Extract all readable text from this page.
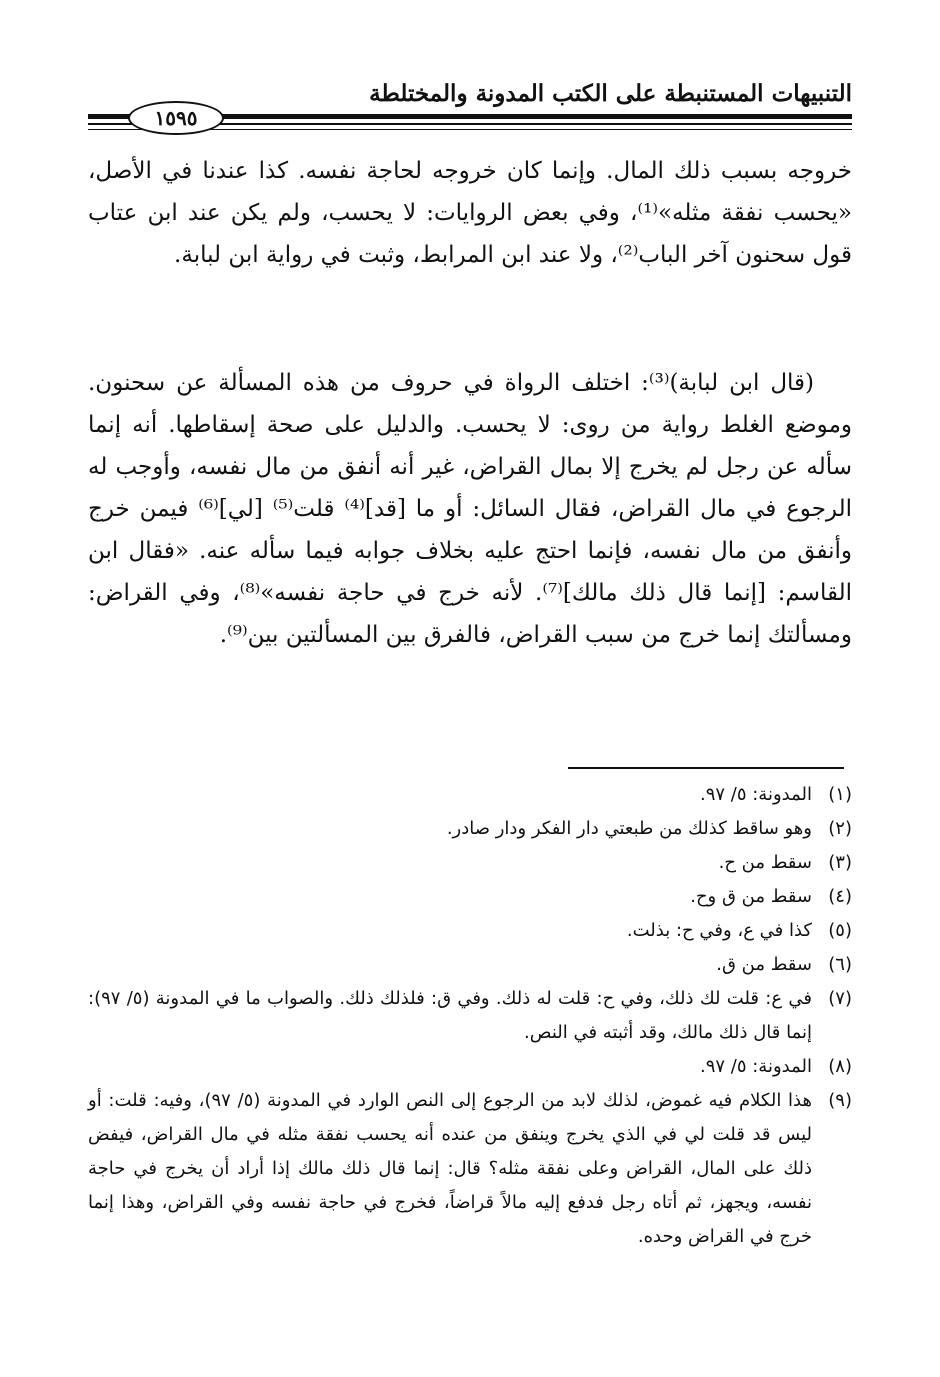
التنبيهات المستنبطة على الكتب المدونة والمختلطة
١٥٩٥
خروجه بسبب ذلك المال. وإنما كان خروجه لحاجة نفسه. كذا عندنا في الأصل، «يحسب نفقة مثله»⁽¹⁾، وفي بعض الروايات: لا يحسب، ولم يكن عند ابن عتاب قول سحنون آخر الباب⁽²⁾، ولا عند ابن المرابط، وثبت في رواية ابن لبابة.
(قال ابن لبابة)⁽³⁾: اختلف الرواة في حروف من هذه المسألة عن سحنون. وموضع الغلط رواية من روى: لا يحسب. والدليل على صحة إسقاطها. أنه إنما سأله عن رجل لم يخرج إلا بمال القراض، غير أنه أنفق من مال نفسه، وأوجب له الرجوع في مال القراض، فقال السائل: أو ما [قد]⁽⁴⁾ قلت⁽⁵⁾ [لي]⁽⁶⁾ فيمن خرج وأنفق من مال نفسه، فإنما احتج عليه بخلاف جوابه فيما سأله عنه. «فقال ابن القاسم: [إنما قال ذلك مالك]⁽⁷⁾. لأنه خرج في حاجة نفسه»⁽⁸⁾، وفي القراض: ومسألتك إنما خرج من سبب القراض، فالفرق بين المسألتين بين⁽⁹⁾.
(١)
المدونة: ٥/ ٩٧.
(٢)
وهو ساقط كذلك من طبعتي دار الفكر ودار صادر.
(٣)
سقط من ح.
(٤)
سقط من ق وح.
(٥)
كذا في ع، وفي ح: بذلت.
(٦)
سقط من ق.
(٧)
في ع: قلت لك ذلك، وفي ح: قلت له ذلك. وفي ق: فلذلك ذلك. والصواب ما في المدونة (٥/ ٩٧): إنما قال ذلك مالك، وقد أثبته في النص.
(٨)
المدونة: ٥/ ٩٧.
(٩)
هذا الكلام فيه غموض، لذلك لابد من الرجوع إلى النص الوارد في المدونة (٥/ ٩٧)، وفيه: قلت: أو ليس قد قلت لي في الذي يخرج وينفق من عنده أنه يحسب نفقة مثله في مال القراض، فيفض ذلك على المال، القراض وعلى نفقة مثله؟ قال: إنما قال ذلك مالك إذا أراد أن يخرج في حاجة نفسه، ويجهز، ثم أتاه رجل فدفع إليه مالاً قراضاً، فخرج في حاجة نفسه وفي القراض، وهذا إنما خرج في القراض وحده.
